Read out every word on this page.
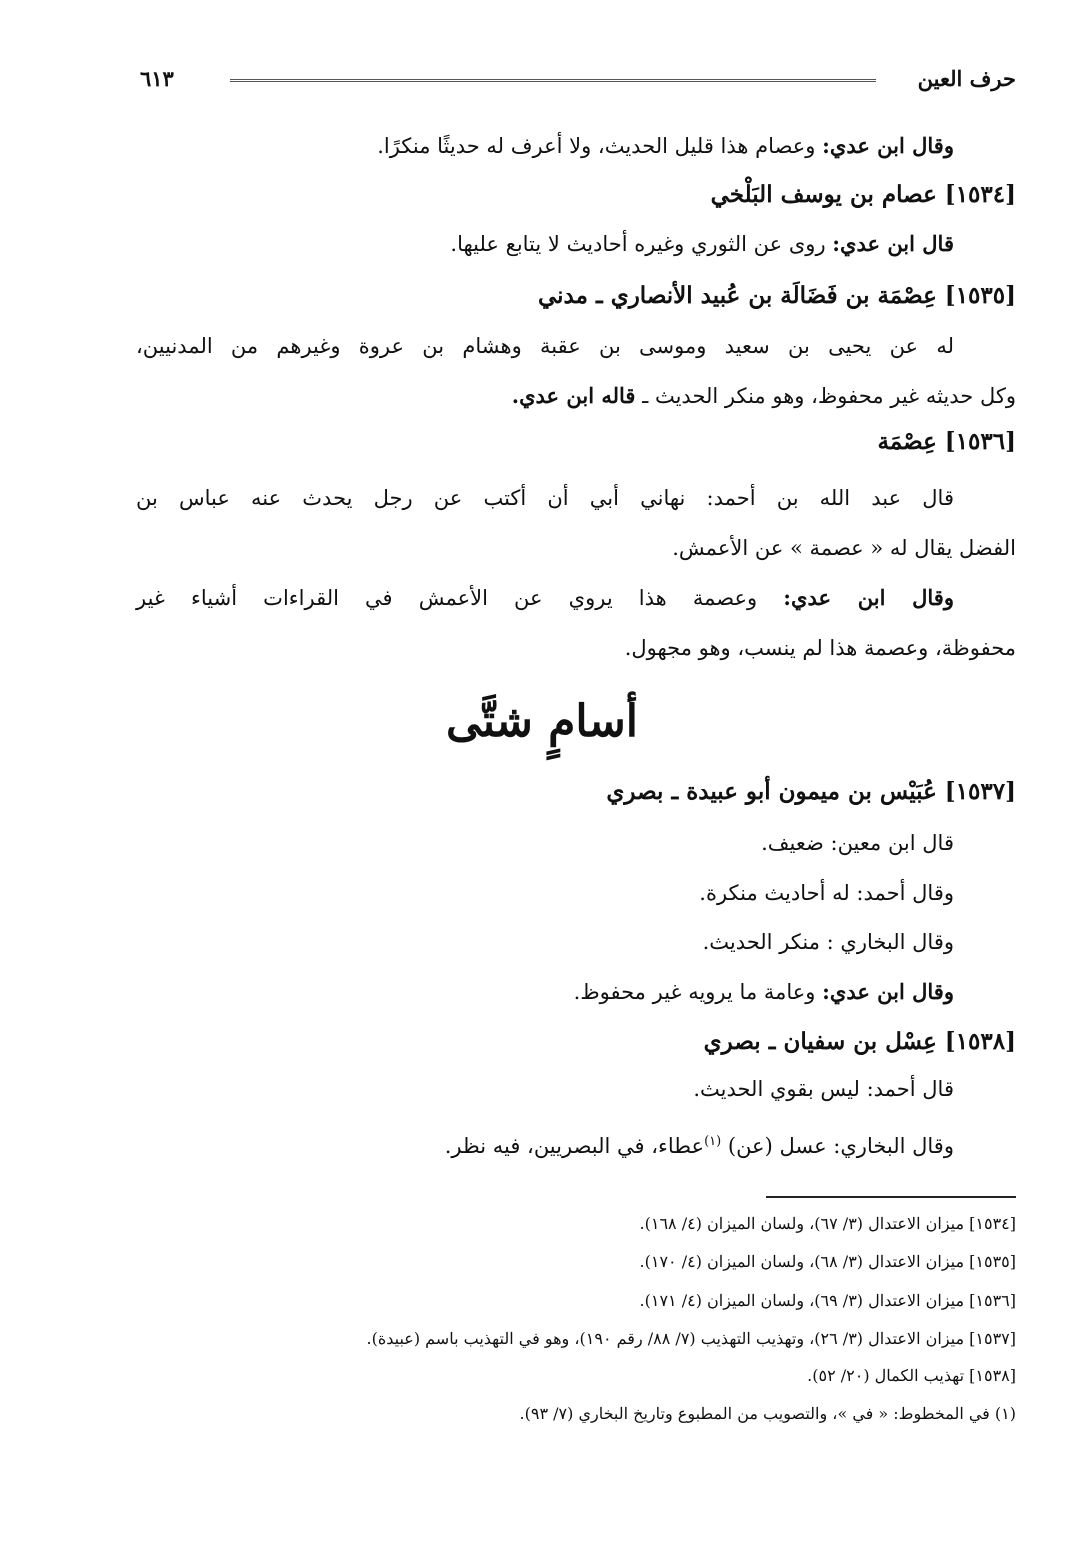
حرف العين
٦١٣
وقال ابن عدي: وعصام هذا قليل الحديث، ولا أعرف له حديثًا منكرًا.
[١٥٣٤] عصام بن يوسف البَلْخي
قال ابن عدي: روى عن الثوري وغيره أحاديث لا يتابع عليها.
[١٥٣٥] عِصْمَة بن فَضَالَة بن عُبيد الأنصاري ـ مدني
له عن يحيى بن سعيد وموسى بن عقبة وهشام بن عروة وغيرهم من المدنيين،
وكل حديثه غير محفوظ، وهو منكر الحديث ـ قاله ابن عدي.
[١٥٣٦] عِصْمَة
قال عبد الله بن أحمد: نهاني أبي أن أكتب عن رجل يحدث عنه عباس بن
الفضل يقال له « عصمة » عن الأعمش.
وقال ابن عدي: وعصمة هذا يروي عن الأعمش في القراءات أشياء غير
محفوظة، وعصمة هذا لم ينسب، وهو مجهول.
أسامٍ شتَّى
[١٥٣٧] عُبَيْس بن ميمون أبو عبيدة ـ بصري
قال ابن معين: ضعيف.
وقال أحمد: له أحاديث منكرة.
وقال البخاري : منكر الحديث.
وقال ابن عدي: وعامة ما يرويه غير محفوظ.
[١٥٣٨] عِسْل بن سفيان ـ بصري
قال أحمد: ليس بقوي الحديث.
وقال البخاري: عسل (عن) $^{(١)}$عطاء، في البصريين، فيه نظر.
[١٥٣٤] ميزان الاعتدال (٣/ ٦٧)، ولسان الميزان (٤/ ١٦٨).
[١٥٣٥] ميزان الاعتدال (٣/ ٦٨)، ولسان الميزان (٤/ ١٧٠).
[١٥٣٦] ميزان الاعتدال (٣/ ٦٩)، ولسان الميزان (٤/ ١٧١).
[١٥٣٧] ميزان الاعتدال (٣/ ٢٦)، وتهذيب التهذيب (٧/ ٨٨/ رقم ١٩٠)، وهو في التهذيب باسم (عبيدة).
[١٥٣٨] تهذيب الكمال (٢٠/ ٥٢).
(١) في المخطوط: « في »، والتصويب من المطبوع وتاريخ البخاري (٧/ ٩٣).
